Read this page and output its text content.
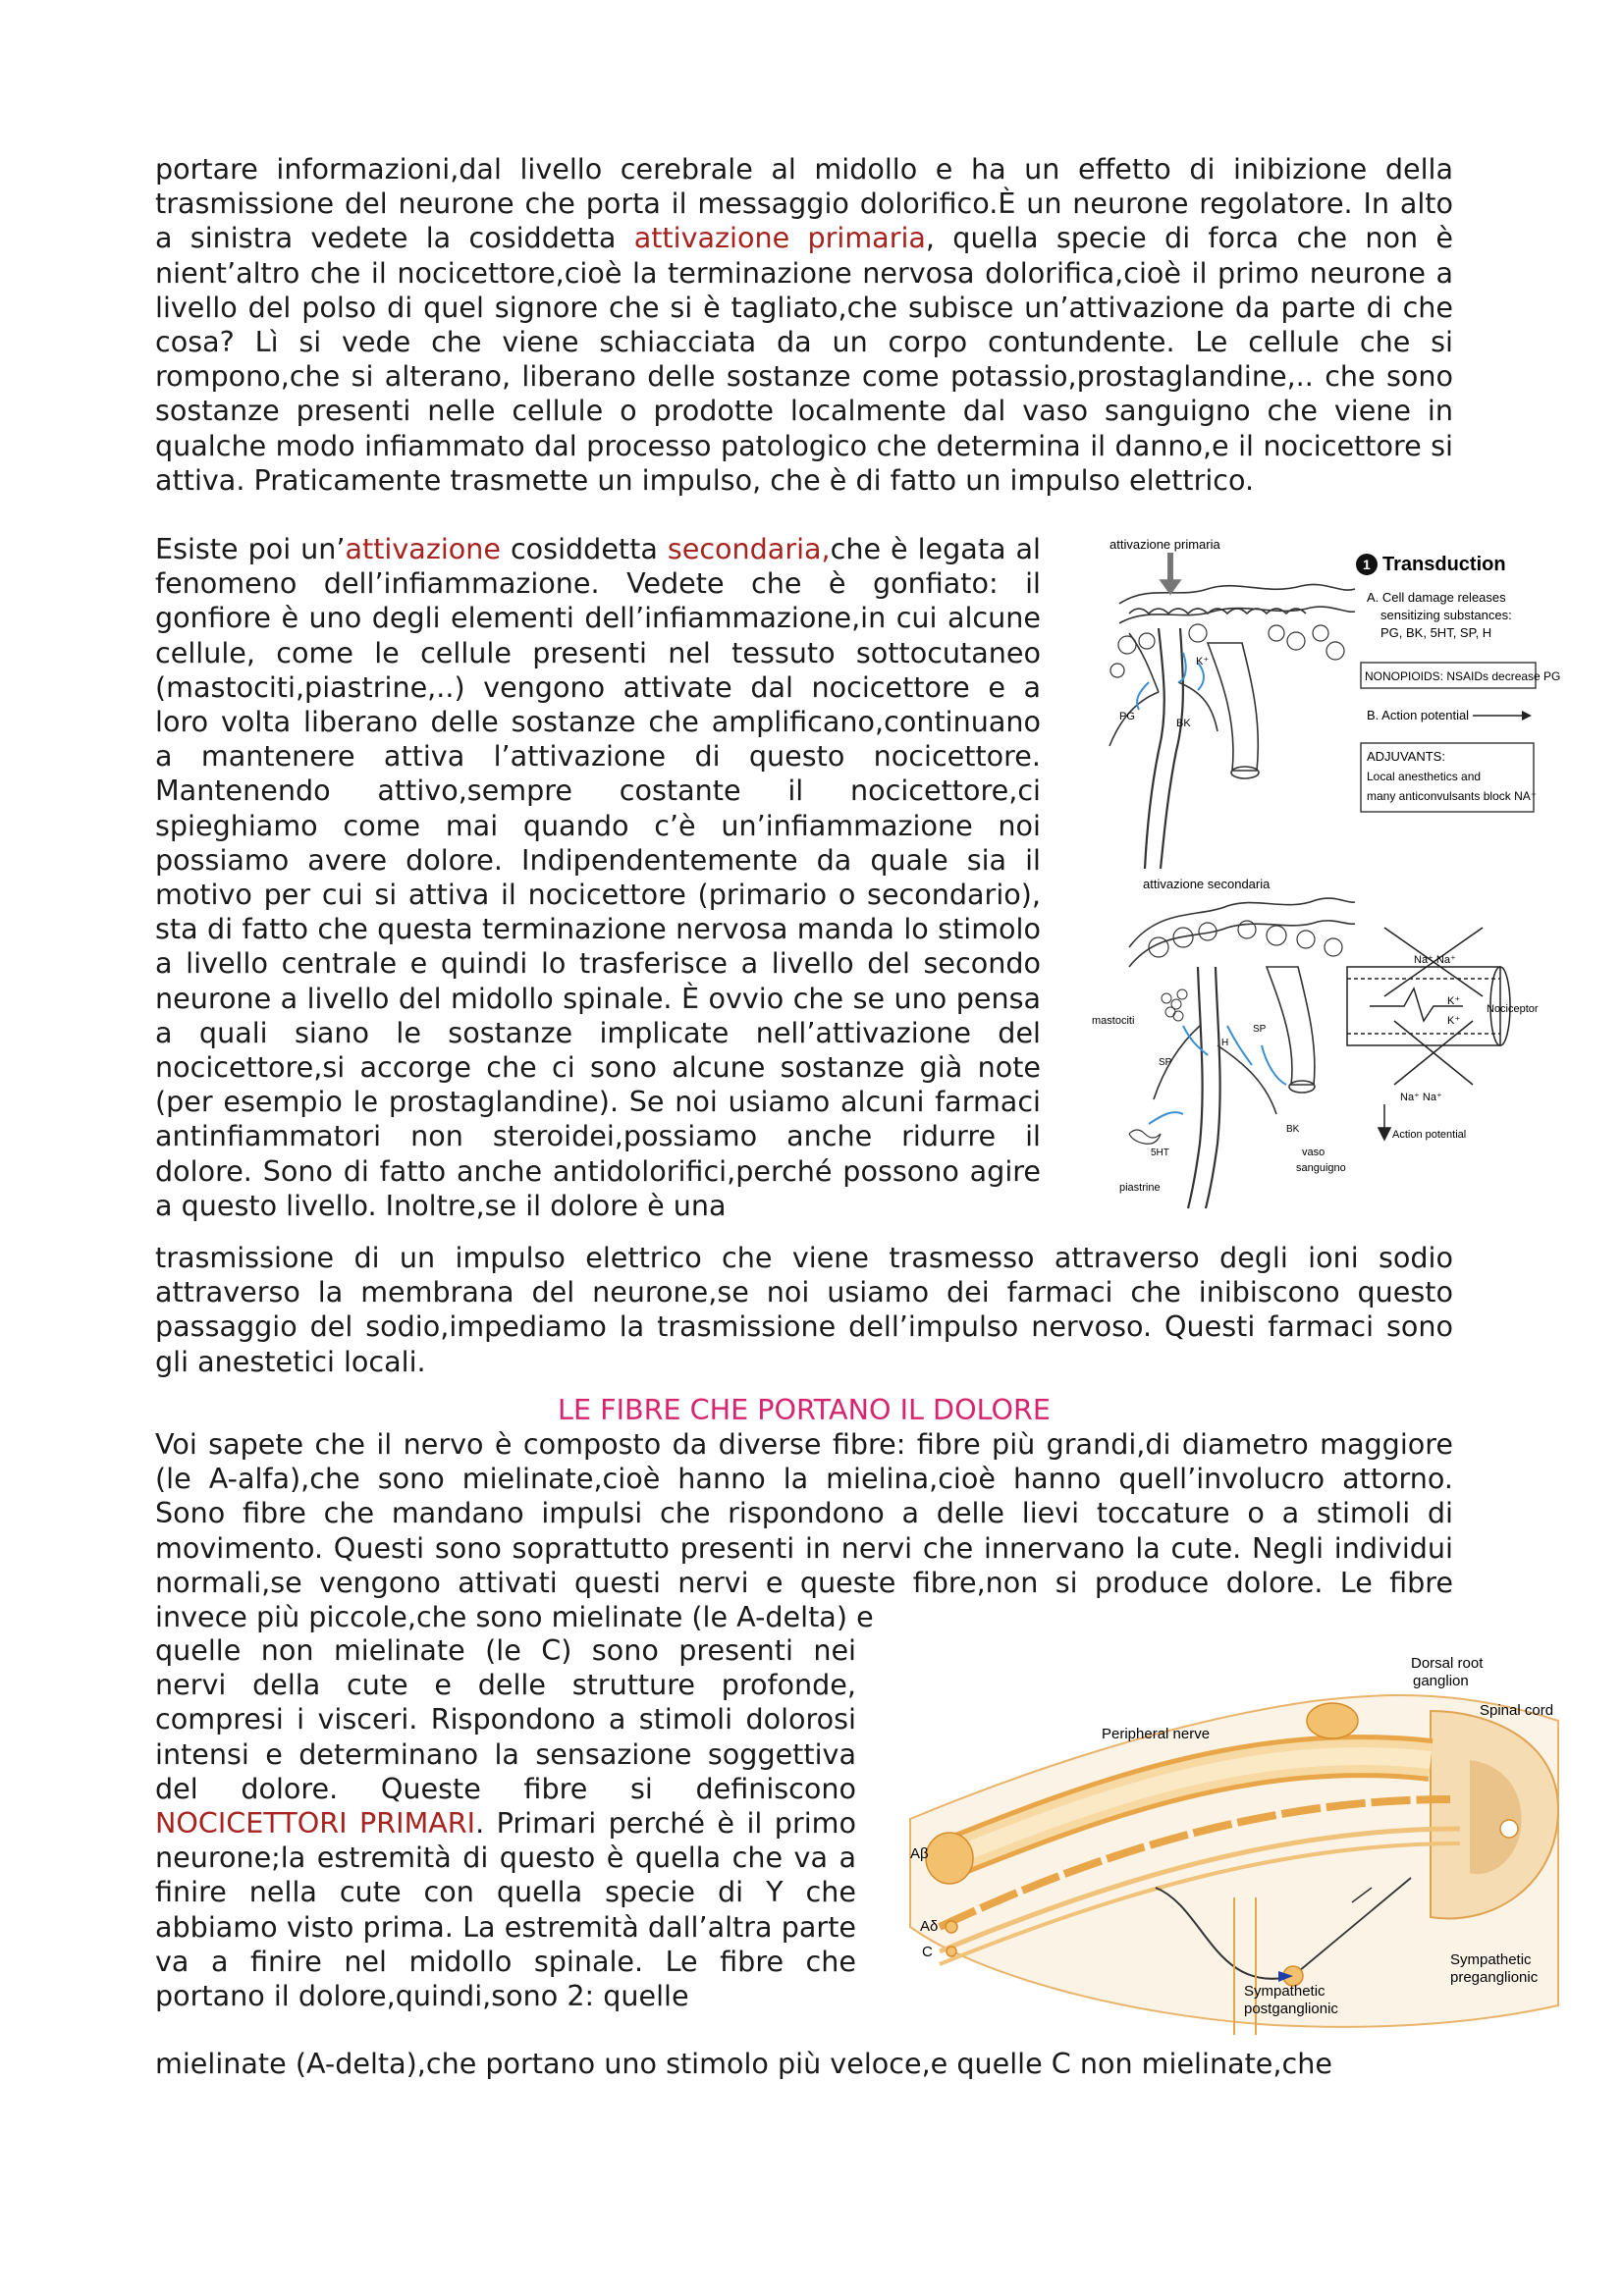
portare informazioni,dal livello cerebrale al midollo e ha un effetto di inibizione della trasmissione del neurone che porta il messaggio dolorifico.È un neurone regolatore. In alto a sinistra vedete la cosiddetta attivazione primaria, quella specie di forca che non è nient’altro che il nocicettore,cioè la terminazione nervosa dolorifica,cioè il primo neurone a livello del polso di quel signore che si è tagliato,che subisce un’attivazione da parte di che cosa? Lì si vede che viene schiacciata da un corpo contundente. Le cellule che si rompono,che si alterano, liberano delle sostanze come potassio,prostaglandine,.. che sono sostanze presenti nelle cellule o prodotte localmente dal vaso sanguigno che viene in qualche modo infiammato dal processo patologico che determina il danno,e il nocicettore si attiva. Praticamente trasmette un impulso, che è di fatto un impulso elettrico.

Esiste poi un’attivazione cosiddetta secondaria,che è legata al fenomeno dell’infiammazione. Vedete che è gonfiato: il gonfiore è uno degli elementi dell’infiammazione,in cui alcune cellule, come le cellule presenti nel tessuto sottocutaneo (mastociti,piastrine,..) vengono attivate dal nocicettore e a loro volta liberano delle sostanze che amplificano,continuano a mantenere attiva l’attivazione di questo nocicettore. Mantenendo attivo,sempre costante il nocicettore,ci spieghiamo come mai quando c’è un’infiammazione noi possiamo avere dolore. Indipendentemente da quale sia il motivo per cui si attiva il nocicettore (primario o secondario), sta di fatto che questa terminazione nervosa manda lo stimolo a livello centrale e quindi lo trasferisce a livello del secondo neurone a livello del midollo spinale. È ovvio che se uno pensa a quali siano le sostanze implicate nell’attivazione del nocicettore,si accorge che ci sono alcune sostanze già note (per esempio le prostaglandine). Se noi usiamo alcuni farmaci antinfiammatori non steroidei,possiamo anche ridurre il dolore. Sono di fatto anche antidolorifici,perché possono agire a questo livello. Inoltre,se il dolore è una

attivazione primaria
PG
BK
K⁺
1 Transduction
A. Cell damage releases
sensitizing substances:
PG, BK, 5HT, SP, H
NONOPIOIDS: NSAIDs decrease PG
B. Action potential
ADJUVANTS:
Local anesthetics and
many anticonvulsants block NA⁺
attivazione secondaria
mastociti
SP
H
5HT
piastrine
SP
BK
vaso
sanguigno
Na⁺ Na⁺
K⁺
K⁺
Nociceptor
Na⁺ Na⁺
Action potential

trasmissione di un impulso elettrico che viene trasmesso attraverso degli ioni sodio attraverso la membrana del neurone,se noi usiamo dei farmaci che inibiscono questo passaggio del sodio,impediamo la trasmissione dell’impulso nervoso. Questi farmaci sono gli anestetici locali.

LE FIBRE CHE PORTANO IL DOLORE

Voi sapete che il nervo è composto da diverse fibre: fibre più grandi,di diametro maggiore (le A-alfa),che sono mielinate,cioè hanno la mielina,cioè hanno quell’involucro attorno. Sono fibre che mandano impulsi che rispondono a delle lievi toccature o a stimoli di movimento. Questi sono soprattutto presenti in nervi che innervano la cute. Negli individui normali,se vengono attivati questi nervi e queste fibre,non si produce dolore. Le fibre invece più piccole,che sono mielinate (le A-delta) e

quelle non mielinate (le C) sono presenti nei nervi della cute e delle strutture profonde, compresi i visceri. Rispondono a stimoli dolorosi intensi e determinano la sensazione soggettiva del dolore. Queste fibre si definiscono NOCICETTORI PRIMARI. Primari perché è il primo neurone;la estremità di questo è quella che va a finire nella cute con quella specie di Y che abbiamo visto prima. La estremità dall’altra parte va a finire nel midollo spinale. Le fibre che portano il dolore,quindi,sono 2: quelle

Dorsal root
ganglion
Spinal cord
Peripheral nerve
Aβ
Aδ
C	Sympathetic
preganglionic
Sympathetic
postganglionic

mielinate (A-delta),che portano uno stimolo più veloce,e quelle C non mielinate,che
